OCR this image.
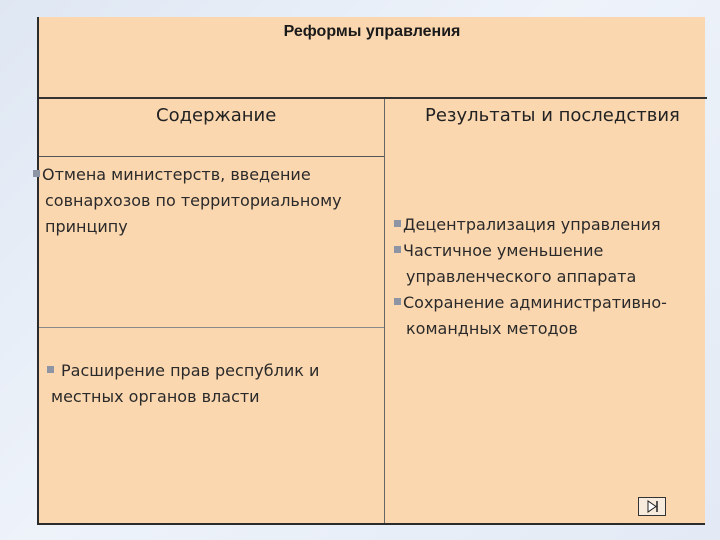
Реформы управления
Содержание	Результаты и последствия
Отмена министерств, введение
совнархозов по территориальному
принципу
Расширение прав республик и
местных органов власти
Децентрализация управления
Частичное уменьшение
управленческого аппарата
Сохранение административно-
командных методов
